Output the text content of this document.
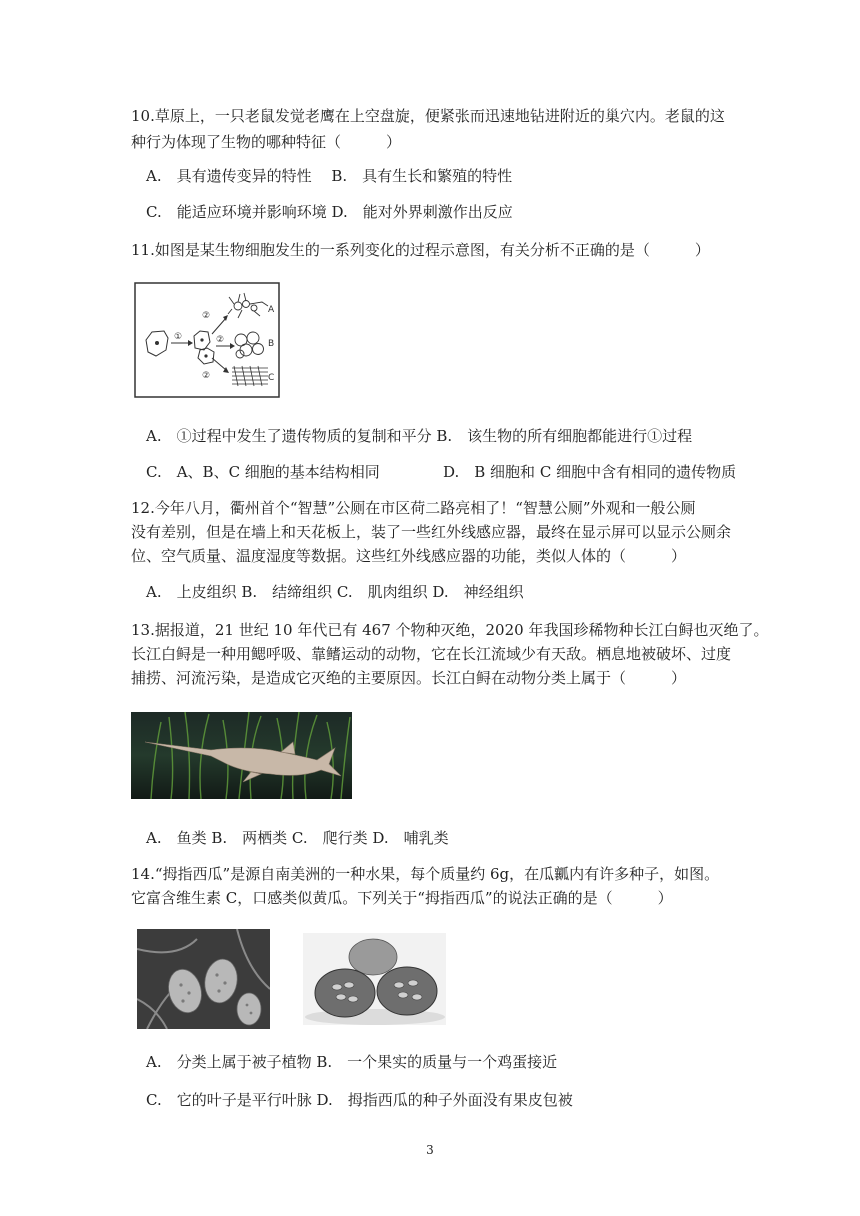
10.草原上，一只老鼠发觉老鹰在上空盘旋，便紧张而迅速地钻进附近的巢穴内。老鼠的这
种行为体现了生物的哪种特征（　　　）
A.　具有遗传变异的特性　 B.　具有生长和繁殖的特性
C.　能适应环境并影响环境 D.　能对外界刺激作出反应
11.如图是某生物细胞发生的一系列变化的过程示意图，有关分析不正确的是（　　　）
①
②
②
②
A
B
C
A.　①过程中发生了遗传物质的复制和平分 B.　该生物的所有细胞都能进行①过程
C.　A、B、C 细胞的基本结构相同	D.　B 细胞和 C 细胞中含有相同的遗传物质
12.今年八月，衢州首个“智慧”公厕在市区荷二路亮相了！“智慧公厕”外观和一般公厕
没有差别，但是在墙上和天花板上，装了一些红外线感应器，最终在显示屏可以显示公厕余
位、空气质量、温度湿度等数据。这些红外线感应器的功能，类似人体的（　　　）
A.　上皮组织 B.　结缔组织 C.　肌肉组织 D.　神经组织
13.据报道，21 世纪 10 年代已有 467 个物种灭绝，2020 年我国珍稀物种长江白鲟也灭绝了。
长江白鲟是一种用鳃呼吸、靠鳍运动的动物，它在长江流域少有天敌。栖息地被破坏、过度
捕捞、河流污染，是造成它灭绝的主要原因。长江白鲟在动物分类上属于（　　　）
A.　鱼类 B.　两栖类 C.　爬行类 D.　哺乳类
14.“拇指西瓜”是源自南美洲的一种水果，每个质量约 6g，在瓜瓤内有许多种子，如图。
它富含维生素 C，口感类似黄瓜。下列关于“拇指西瓜”的说法正确的是（　　　）
A.　分类上属于被子植物 B.　一个果实的质量与一个鸡蛋接近
C.　它的叶子是平行叶脉 D.　拇指西瓜的种子外面没有果皮包被
3
